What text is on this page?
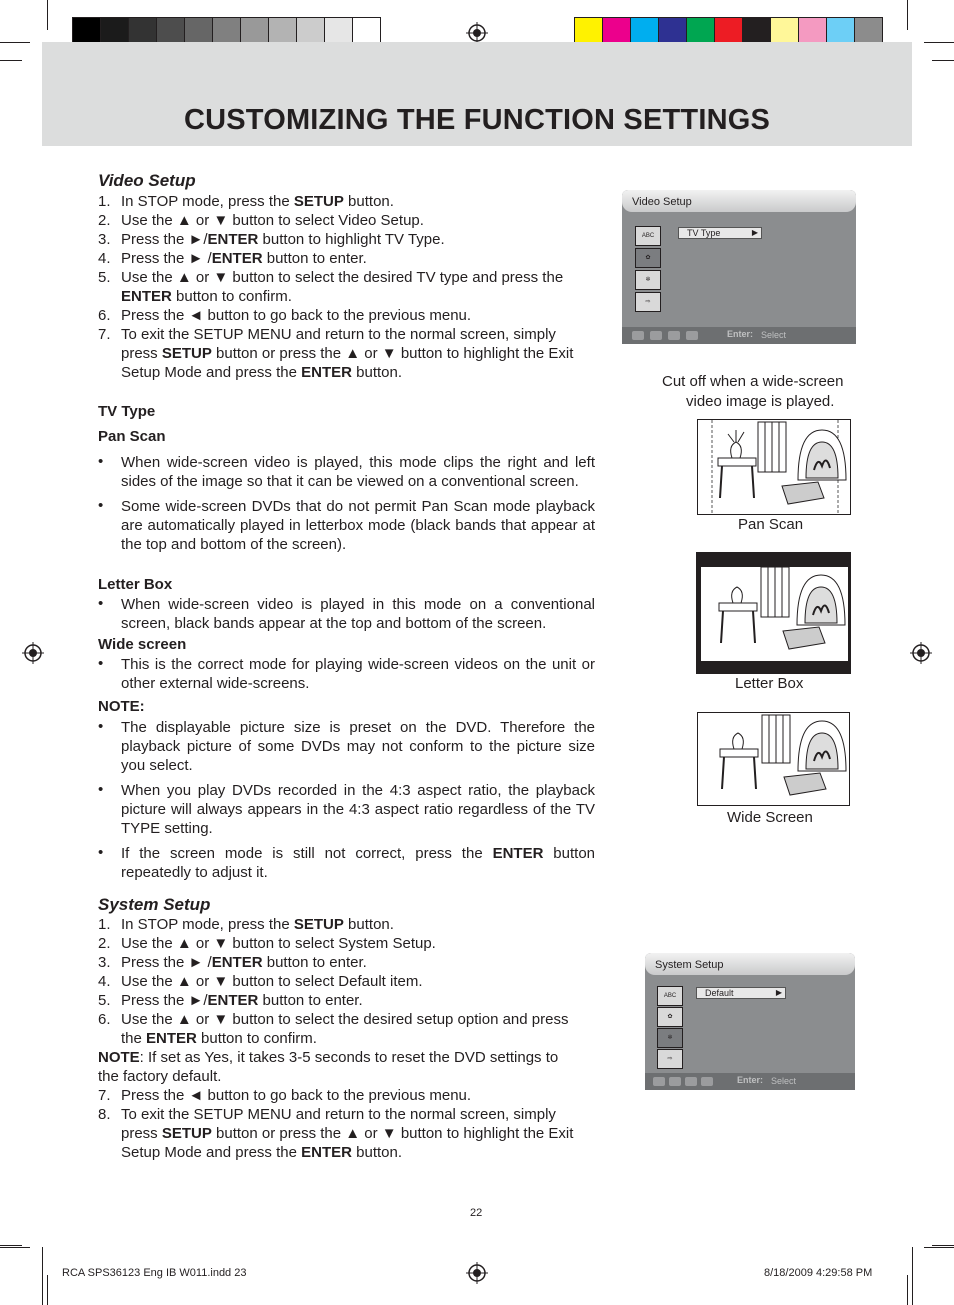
CUSTOMIZING THE FUNCTION SETTINGS
Video Setup
1. In STOP mode, press the SETUP button.
2. Use the ▲ or ▼ button to select Video Setup.
3. Press the ►/ENTER button to highlight TV Type.
4. Press the ► /ENTER button to enter.
5. Use the ▲ or ▼ button to select the desired TV type and press the ENTER button to confirm.
6. Press the ◄ button to go back to the previous menu.
7. To exit the SETUP MENU and return to the normal screen, simply press SETUP button or press the ▲ or ▼ button to highlight the Exit Setup Mode and press the ENTER button.
TV Type
Pan Scan
• When wide-screen video is played, this mode clips the right and left sides of the image so that it can be viewed on a conventional screen.
• Some wide-screen DVDs that do not permit Pan Scan mode playback are automatically played in letterbox mode (black bands that appear at the top and bottom of the screen).
Letter Box
• When wide-screen video is played in this mode on a conventional screen, black bands appear at the top and bottom of the screen.
Wide screen
• This is the correct mode for playing wide-screen videos on the unit or other external wide-screens.
NOTE:
• The displayable picture size is preset on the DVD. Therefore the playback picture of some DVDs may not conform to the picture size you select.
• When you play DVDs recorded in the 4:3 aspect ratio, the playback picture will always appears in the 4:3 aspect ratio regardless of the TV TYPE setting.
• If the screen mode is still not correct, press the ENTER button repeatedly to adjust it.
System Setup
1. In STOP mode, press the SETUP button.
2. Use the ▲ or ▼ button to select System Setup.
3. Press the ► /ENTER button to enter.
4. Use the ▲ or ▼ button to select Default item.
5. Press the ►/ENTER button to enter.
6. Use the ▲ or ▼ button to select the desired setup option and press the ENTER button to confirm.
NOTE: If set as Yes, it takes 3-5 seconds to reset the DVD settings to the factory default.
7. Press the ◄ button to go back to the previous menu.
8. To exit the SETUP MENU and return to the normal screen, simply press SETUP button or press the ▲ or ▼ button to highlight the Exit Setup Mode and press the ENTER button.
Video Setup
ABC
✿
✲
⇨
TV Type	▶
Enter: Select
Cut off when a wide-screen
video image is played.
Pan Scan
Letter Box
Wide Screen
System Setup
ABC
✿
✲
⇨
Default	▶
Enter: Select
22
RCA SPS36123 Eng IB W011.indd 23	8/18/2009 4:29:58 PM
